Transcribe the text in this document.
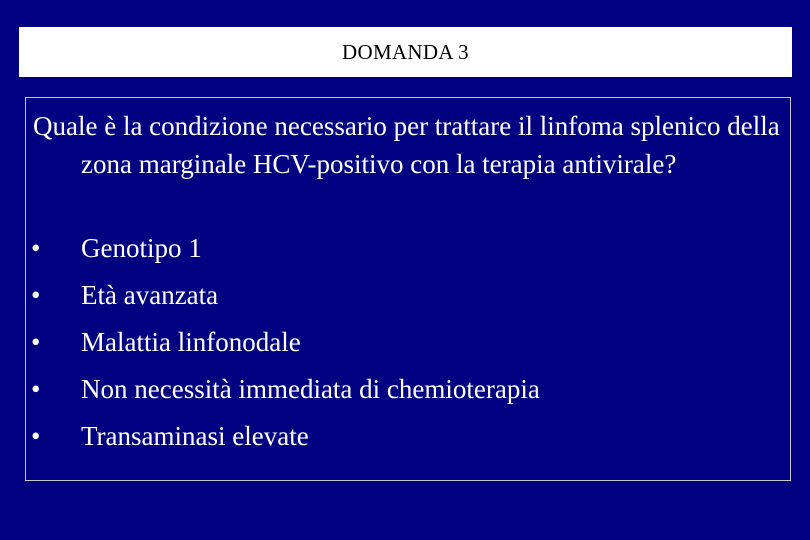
DOMANDA 3

Quale è la condizione necessario per trattare il linfoma splenico della zona marginale HCV-positivo con la terapia antivirale?

•	Genotipo 1
•	Età avanzata
•	Malattia linfonodale
•	Non necessità immediata di chemioterapia
•	Transaminasi elevate
